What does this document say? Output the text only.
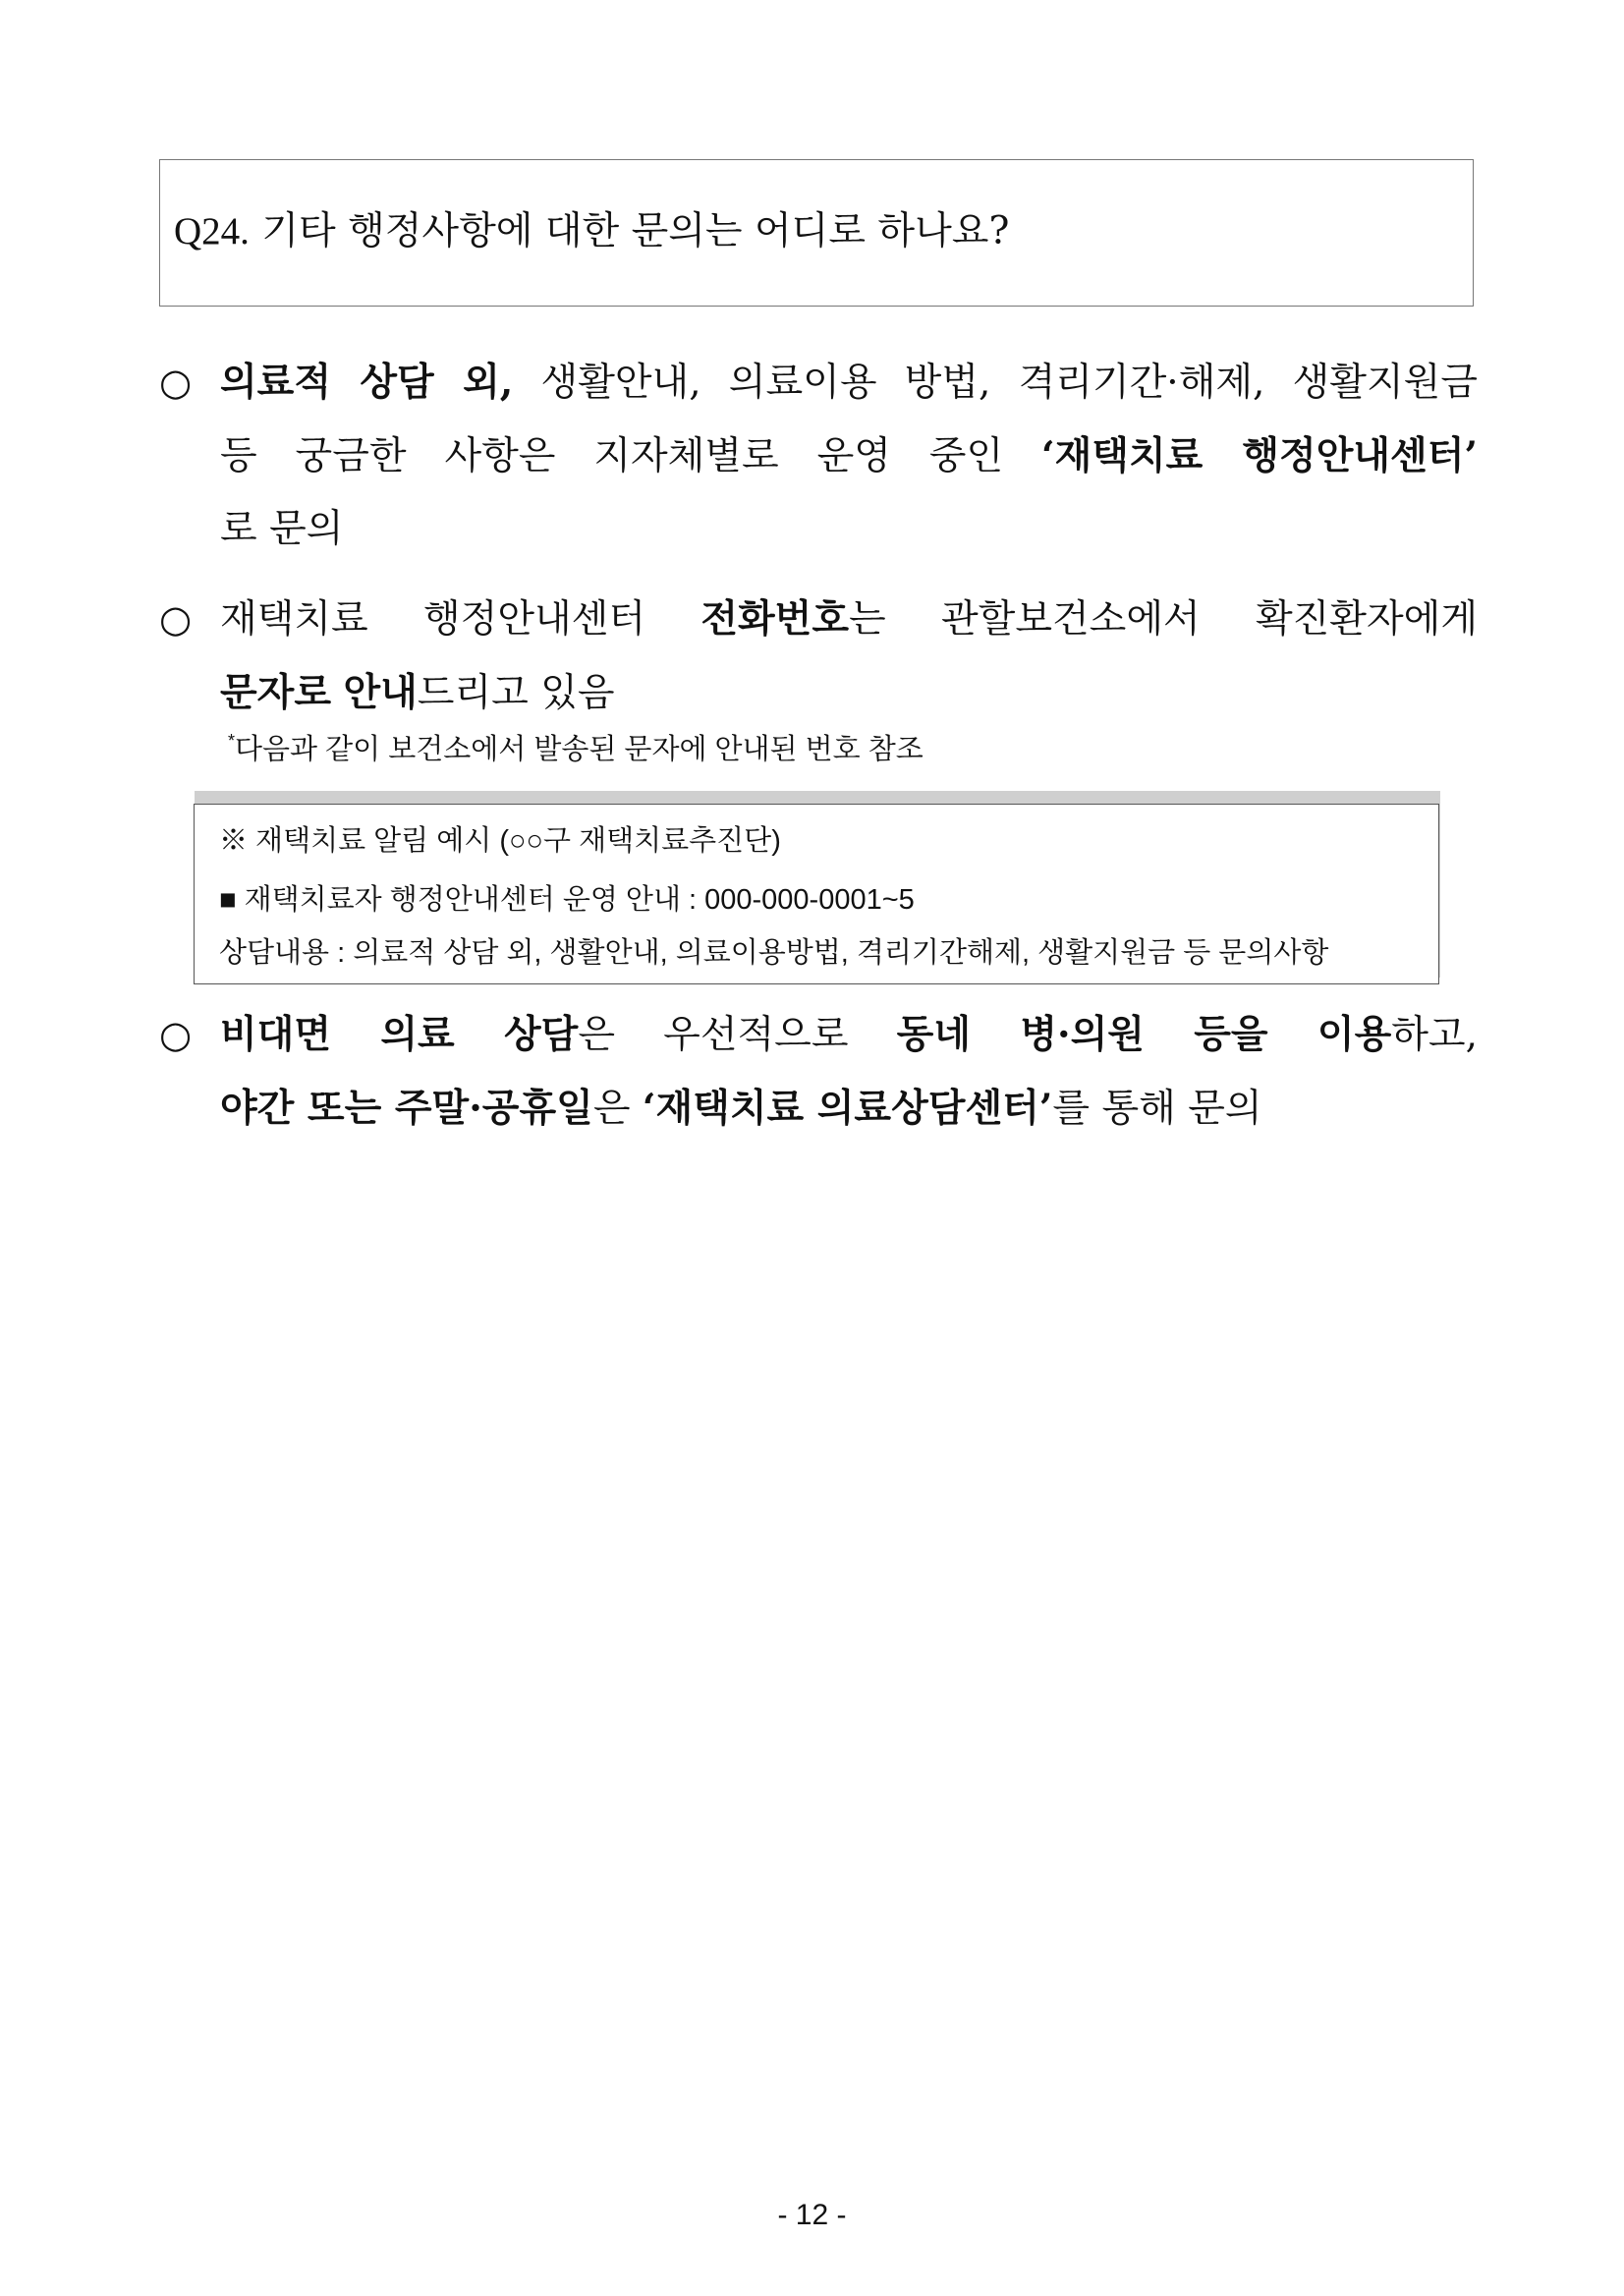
Q24. 기타 행정사항에 대한 문의는 어디로 하나요?
○ 의료적 상담 외, 생활안내, 의료이용 방법, 격리기간·해제, 생활지원금
등 궁금한 사항은 지자체별로 운영 중인 ‘재택치료 행정안내센터’
로 문의
○ 재택치료 행정안내센터 전화번호는 관할보건소에서 확진환자에게
문자로 안내드리고 있음
*다음과 같이 보건소에서 발송된 문자에 안내된 번호 참조
※ 재택치료 알림 예시 (○○구 재택치료추진단)
■ 재택치료자 행정안내센터 운영 안내 : 000-000-0001~5
상담내용 : 의료적 상담 외, 생활안내, 의료이용방법, 격리기간해제, 생활지원금 등 문의사항
○ 비대면 의료 상담은 우선적으로 동네 병·의원 등을 이용하고,
야간 또는 주말·공휴일은 ‘재택치료 의료상담센터’를 통해 문의
- 12 -
